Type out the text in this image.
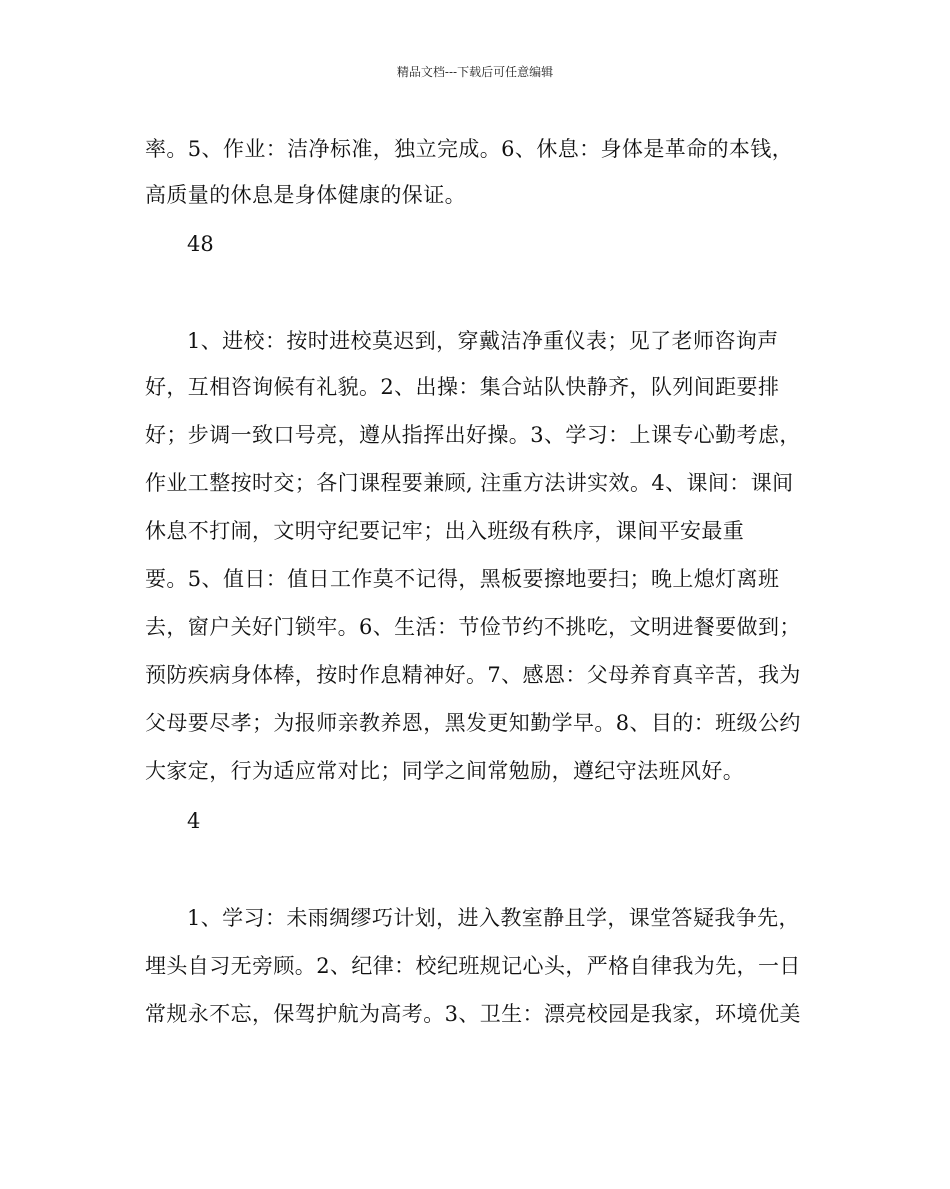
精品文档---下载后可任意编辑
率。5、作业：洁净标准，独立完成。6、休息：身体是革命的本钱，
高质量的休息是身体健康的保证。
48
1、进校：按时进校莫迟到，穿戴洁净重仪表；见了老师咨询声
好，互相咨询候有礼貌。2、出操：集合站队快静齐，队列间距要排
好；步调一致口号亮，遵从指挥出好操。3、学习：上课专心勤考虑，
作业工整按时交；各门课程要兼顾, 注重方法讲实效。4、课间：课间
休息不打闹，文明守纪要记牢；出入班级有秩序，课间平安最重
要。5、值日：值日工作莫不记得，黑板要擦地要扫；晚上熄灯离班
去，窗户关好门锁牢。6、生活：节俭节约不挑吃，文明进餐要做到；
预防疾病身体棒，按时作息精神好。7、感恩：父母养育真辛苦，我为
父母要尽孝；为报师亲教养恩，黑发更知勤学早。8、目的：班级公约
大家定，行为适应常对比；同学之间常勉励，遵纪守法班风好。
4
1、学习：未雨绸缪巧计划，进入教室静且学，课堂答疑我争先，
埋头自习无旁顾。2、纪律：校纪班规记心头，严格自律我为先，一日
常规永不忘，保驾护航为高考。3、卫生：漂亮校园是我家，环境优美
